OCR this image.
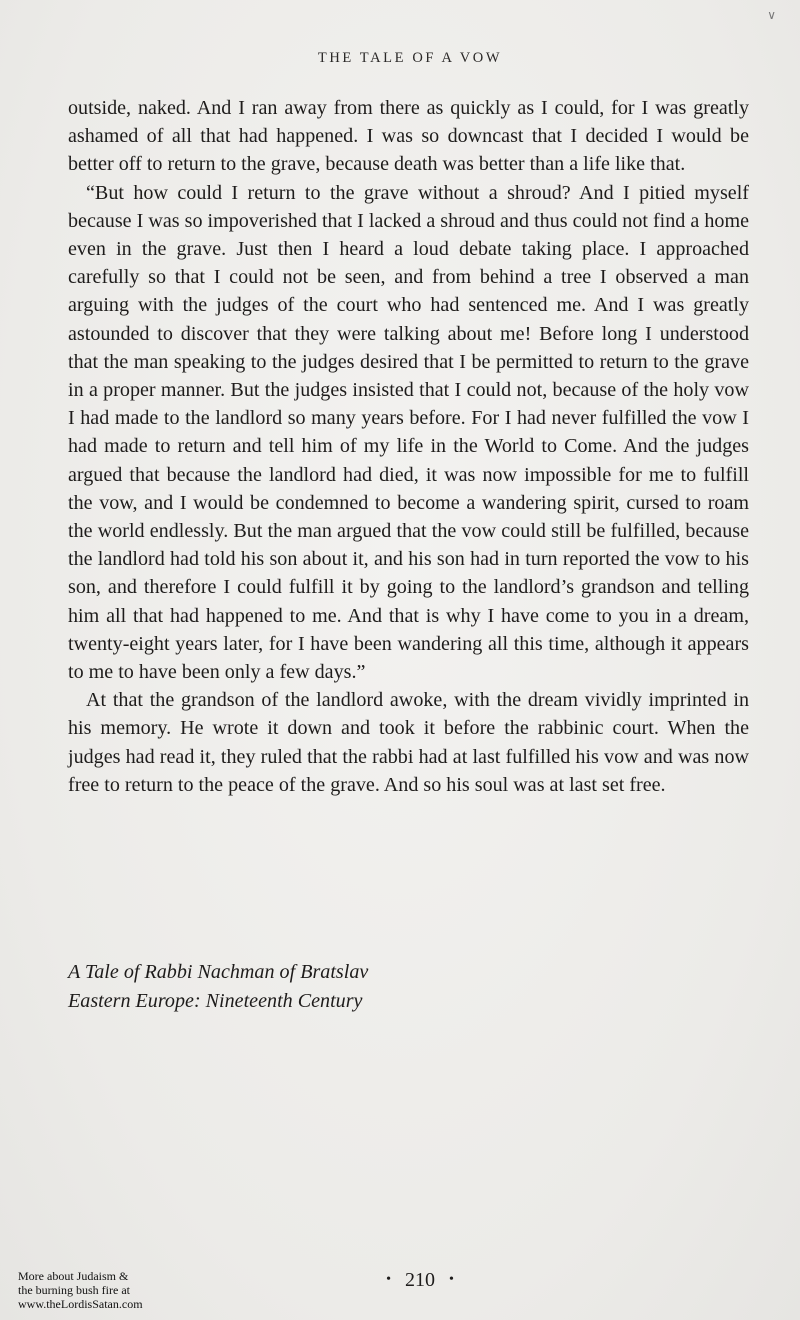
∨
THE TALE OF A VOW

outside, naked. And I ran away from there as quickly as I could, for I was greatly ashamed of all that had happened. I was so downcast that I decided I would be better off to return to the grave, because death was better than a life like that.

“But how could I return to the grave without a shroud? And I pitied myself because I was so impoverished that I lacked a shroud and thus could not find a home even in the grave. Just then I heard a loud debate taking place. I approached carefully so that I could not be seen, and from behind a tree I observed a man arguing with the judges of the court who had sentenced me. And I was greatly astounded to discover that they were talking about me! Before long I understood that the man speaking to the judges desired that I be permitted to return to the grave in a proper manner. But the judges insisted that I could not, because of the holy vow I had made to the landlord so many years before. For I had never fulfilled the vow I had made to return and tell him of my life in the World to Come. And the judges argued that because the landlord had died, it was now impossible for me to fulfill the vow, and I would be condemned to become a wandering spirit, cursed to roam the world endlessly. But the man argued that the vow could still be fulfilled, because the landlord had told his son about it, and his son had in turn reported the vow to his son, and therefore I could fulfill it by going to the landlord’s grandson and telling him all that had happened to me. And that is why I have come to you in a dream, twenty-eight years later, for I have been wandering all this time, although it appears to me to have been only a few days.”

At that the grandson of the landlord awoke, with the dream vividly imprinted in his memory. He wrote it down and took it before the rabbinic court. When the judges had read it, they ruled that the rabbi had at last fulfilled his vow and was now free to return to the peace of the grave. And so his soul was at last set free.

A Tale of Rabbi Nachman of Bratslav
Eastern Europe: Nineteenth Century
• 210 •
More about Judaism &
the burning bush fire at
www.theLordisSatan.com
